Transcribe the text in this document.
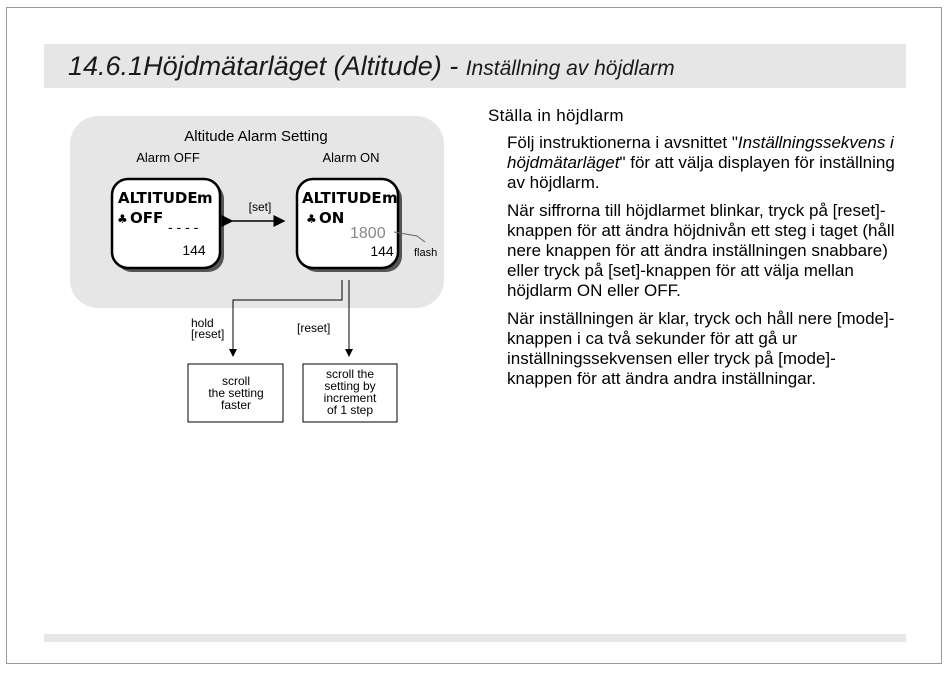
14.6.1Höjdmätarläget (Altitude) - Inställning av höjdlarm
Altitude Alarm Setting
Alarm OFF	Alarm ON
ALTITUDE m
♣ OFF - - - -
144
[set] ALTITUDE m
♣ ON
1800
144 flash
hold
[reset]	[reset]
scroll
the setting
faster
scroll the
setting by
increment
of 1 step
Ställa in höjdlarm

Följ instruktionerna i avsnittet "Inställningssekvens i höjdmätarläget" för att välja displayen för inställning av höjdlarm.

När siffrorna till höjdlarmet blinkar, tryck på [reset]-knappen för att ändra höjdnivån ett steg i taget (håll nere knappen för att ändra inställningen snabbare) eller tryck på [set]-knappen för att välja mellan höjdlarm ON eller OFF.

När inställningen är klar, tryck och håll nere [mode]-knappen i ca två sekunder för att gå ur inställningssekvensen eller tryck på [mode]-knappen för att ändra andra inställningar.
